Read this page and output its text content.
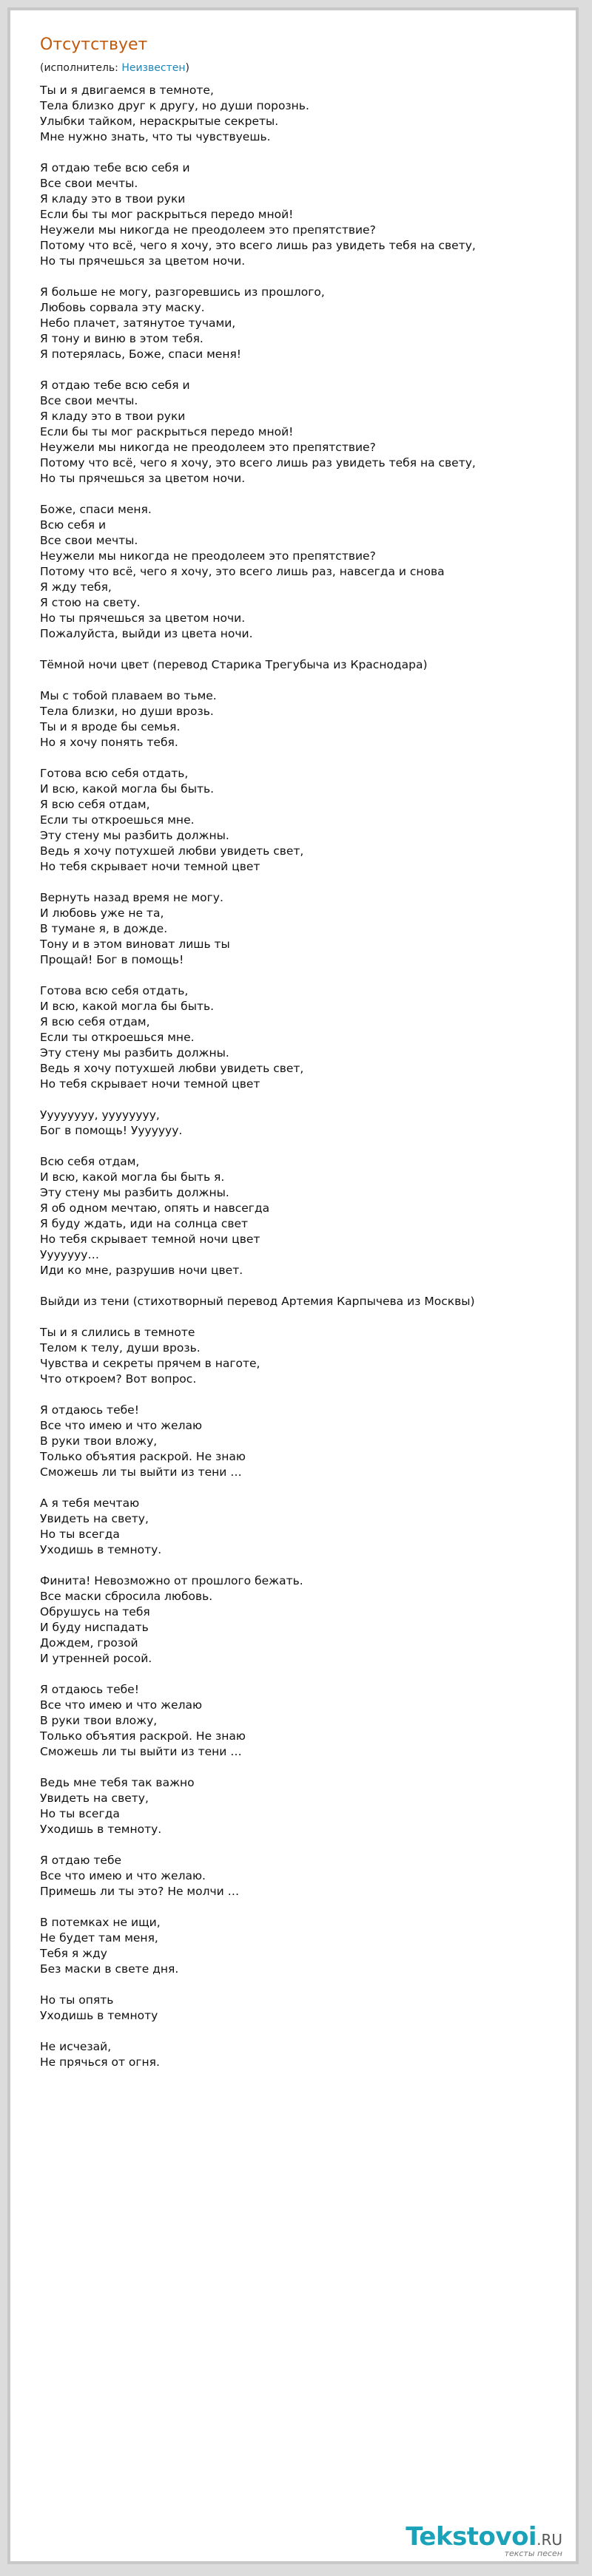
Отсутствует
(исполнитель: Неизвестен)
Ты и я двигаемся в темноте,
Тела близко друг к другу, но души порознь.
Улыбки тайком, нераскрытые секреты.
Мне нужно знать, что ты чувствуешь.
Я отдаю тебе всю себя и
Все свои мечты.
Я кладу это в твои руки
Если бы ты мог раскрыться передо мной!
Неужели мы никогда не преодолеем это препятствие?
Потому что всё, чего я хочу, это всего лишь раз увидеть тебя на свету,
Но ты прячешься за цветом ночи.
Я больше не могу, разгоревшись из прошлого,
Любовь сорвала эту маску.
Небо плачет, затянутое тучами,
Я тону и виню в этом тебя.
Я потерялась, Боже, спаси меня!
Я отдаю тебе всю себя и
Все свои мечты.
Я кладу это в твои руки
Если бы ты мог раскрыться передо мной!
Неужели мы никогда не преодолеем это препятствие?
Потому что всё, чего я хочу, это всего лишь раз увидеть тебя на свету,
Но ты прячешься за цветом ночи.
Боже, спаси меня.
Всю себя и
Все свои мечты.
Неужели мы никогда не преодолеем это препятствие?
Потому что всё, чего я хочу, это всего лишь раз, навсегда и снова
Я жду тебя,
Я стою на свету.
Но ты прячешься за цветом ночи.
Пожалуйста, выйди из цвета ночи.
Тёмной ночи цвет (перевод Старика Трегубыча из Краснодара)
Мы с тобой плаваем во тьме.
Тела близки, но души врозь.
Ты и я вроде бы семья.
Но я хочу понять тебя.
Готова всю себя отдать,
И всю, какой могла бы быть.
Я всю себя отдам,
Если ты откроешься мне.
Эту стену мы разбить должны.
Ведь я хочу потухшей любви увидеть свет,
Но тебя скрывает ночи темной цвет
Вернуть назад время не могу.
И любовь уже не та,
В тумане я, в дожде.
Тону и в этом виноват лишь ты
Прощай! Бог в помощь!
Готова всю себя отдать,
И всю, какой могла бы быть.
Я всю себя отдам,
Если ты откроешься мне.
Эту стену мы разбить должны.
Ведь я хочу потухшей любви увидеть свет,
Но тебя скрывает ночи темной цвет
Уууууууу, уууууууу,
Бог в помощь! Ууууууу.
Всю себя отдам,
И всю, какой могла бы быть я.
Эту стену мы разбить должны.
Я об одном мечтаю, опять и навсегда
Я буду ждать, иди на солнца свет
Но тебя скрывает темной ночи цвет
Ууууууу…
Иди ко мне, разрушив ночи цвет.
Выйди из тени (стихотворный перевод Артемия Карпычева из Москвы)
Ты и я слились в темноте
Телом к телу, души врозь.
Чувства и секреты прячем в наготе,
Что откроем? Вот вопрос.
Я отдаюсь тебе!
Все что имею и что желаю
В руки твои вложу,
Только объятия раскрой. Не знаю
Сможешь ли ты выйти из тени …
А я тебя мечтаю
Увидеть на свету,
Но ты всегда
Уходишь в темноту.
Финита! Невозможно от прошлого бежать.
Все маски сбросила любовь.
Обрушусь на тебя
И буду ниспадать
Дождем, грозой
И утренней росой.
Я отдаюсь тебе!
Все что имею и что желаю
В руки твои вложу,
Только объятия раскрой. Не знаю
Сможешь ли ты выйти из тени …
Ведь мне тебя так важно
Увидеть на свету,
Но ты всегда
Уходишь в темноту.
Я отдаю тебе
Все что имею и что желаю.
Примешь ли ты это? Не молчи …
В потемках не ищи,
Не будет там меня,
Тебя я жду
Без маски в свете дня.
Но ты опять
Уходишь в темноту
Не исчезай,
Не прячься от огня.
Tekstovoi.RU
тексты песен
